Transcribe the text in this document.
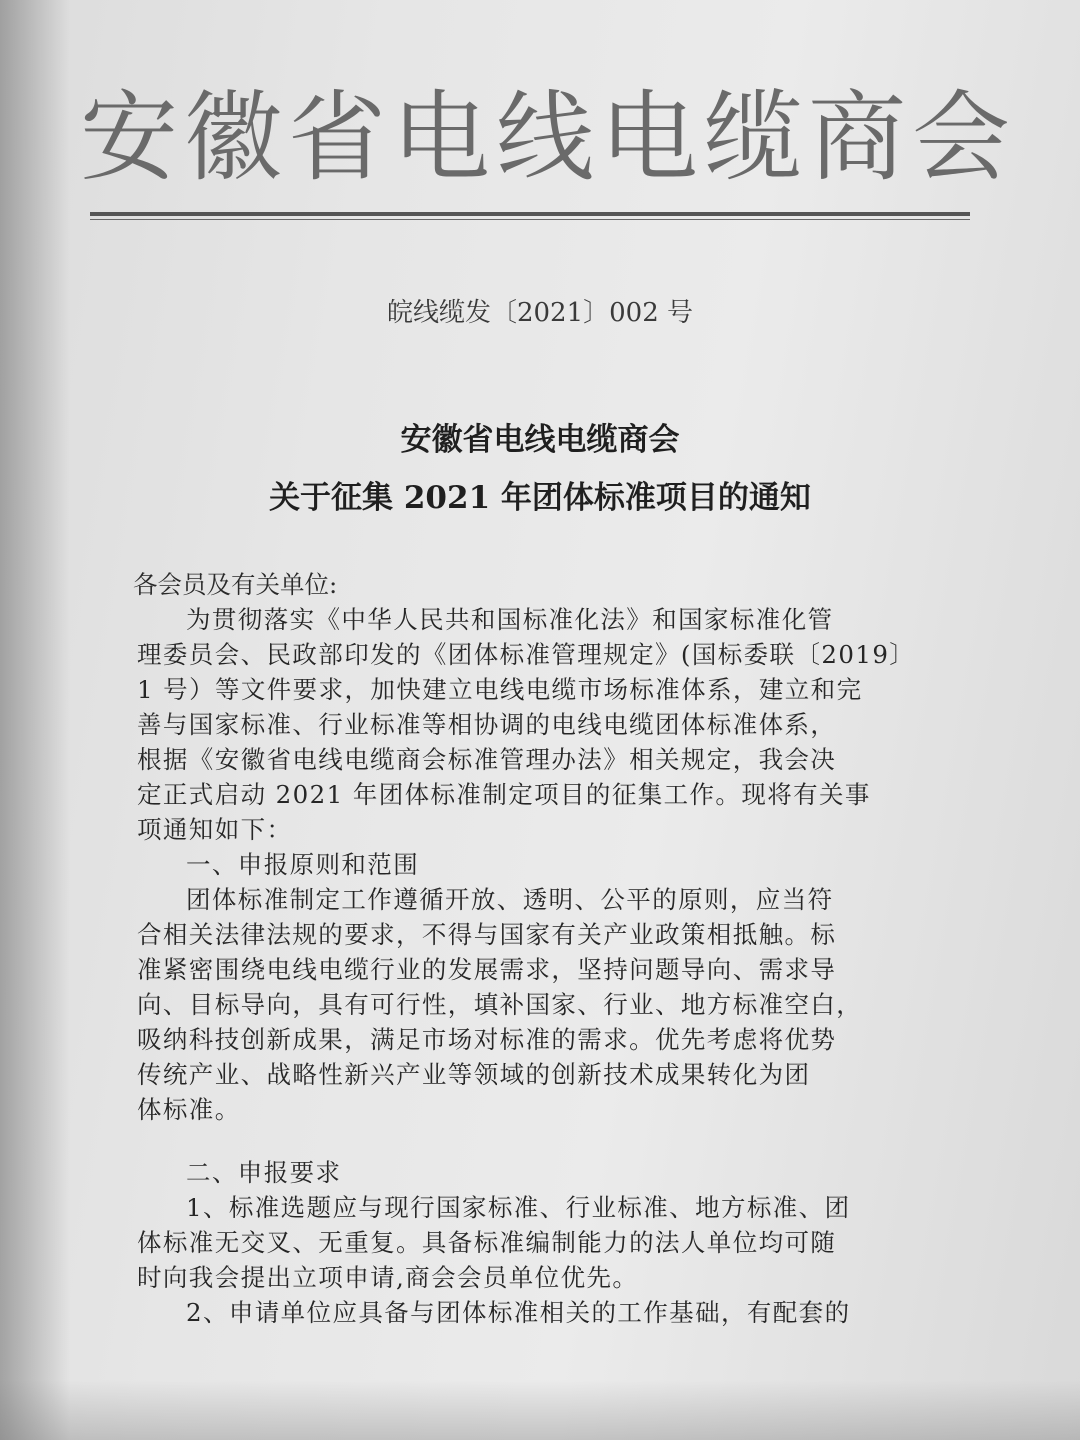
安徽省电线电缆商会
皖线缆发〔2021〕002 号
安徽省电线电缆商会
关于征集 2021 年团体标准项目的通知
各会员及有关单位:

为贯彻落实《中华人民共和国标准化法》和国家标准化管

理委员会、民政部印发的《团体标准管理规定》(国标委联〔2019〕

1 号）等文件要求，加快建立电线电缆市场标准体系，建立和完

善与国家标准、行业标准等相协调的电线电缆团体标准体系，

根据《安徽省电线电缆商会标准管理办法》相关规定，我会决

定正式启动 2021 年团体标准制定项目的征集工作。现将有关事

项通知如下：

一、申报原则和范围

团体标准制定工作遵循开放、透明、公平的原则，应当符

合相关法律法规的要求，不得与国家有关产业政策相抵触。标

准紧密围绕电线电缆行业的发展需求，坚持问题导向、需求导

向、目标导向，具有可行性，填补国家、行业、地方标准空白，

吸纳科技创新成果，满足市场对标准的需求。优先考虑将优势

传统产业、战略性新兴产业等领域的创新技术成果转化为团

体标准。

二、申报要求

1、标准选题应与现行国家标准、行业标准、地方标准、团

体标准无交叉、无重复。具备标准编制能力的法人单位均可随

时向我会提出立项申请,商会会员单位优先。

2、申请单位应具备与团体标准相关的工作基础，有配套的
